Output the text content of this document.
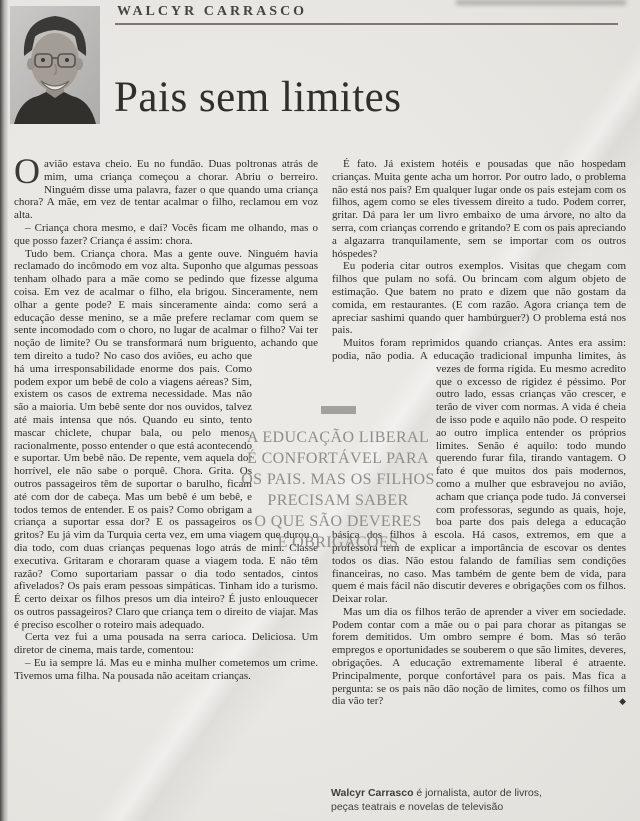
WALCYR CARRASCO
Pais sem limites

Oavião estava cheio. Eu no fundão. Duas poltronas atrás de mim, uma criança começou a chorar. Abriu o berreiro. Ninguém disse uma palavra, fazer o que quando uma criança chora? A mãe, em vez de tentar acalmar o filho, reclamou em voz alta.

– Criança chora mesmo, e daí? Vocês ficam me olhando, mas o que posso fazer? Criança é assim: chora.

Tudo bem. Criança chora. Mas a gente ouve. Ninguém havia reclamado do incômodo em voz alta. Suponho que algumas pessoas tenham olhado para a mãe como se pedindo que fizesse alguma coisa. Em vez de acalmar o filho, ela brigou. Sinceramente, nem olhar a gente pode? E mais sinceramente ainda: como será a educação desse menino, se a mãe prefere reclamar com quem se sente incomodado com o choro, no lugar de acalmar o filho? Vai ter noção de limite? Ou se transformará num briguento, achando que tem direito a tudo? No caso dos aviões, eu acho que há uma irresponsabilidade enorme dos pais. Como podem expor um bebê de colo a viagens aéreas? Sim, existem os casos de extrema necessidade. Mas não são a maioria. Um bebê sente dor nos ouvidos, talvez até mais intensa que nós. Quando eu sinto, tento mascar chiclete, chupar bala, ou pelo menos, racionalmente, posso entender o que está acontecendo e suportar. Um bebê não. De repente, vem aquela dor horrível, ele não sabe o porquê. Chora. Grita. Os outros passageiros têm de suportar o barulho, ficam até com dor de cabeça. Mas um bebê é um bebê, e todos temos de entender. E os pais? Como obrigam a criança a suportar essa dor? E os passageiros os gritos? Eu já vim da Turquia certa vez, em uma viagem que durou o dia todo, com duas crianças pequenas logo atrás de mim. Classe executiva. Gritaram e choraram quase a viagem toda. E não têm razão? Como suportariam passar o dia todo sentados, cintos afivelados? Os pais eram pessoas simpáticas. Tinham ido a turismo. É certo deixar os filhos presos um dia inteiro? É justo enlouquecer os outros passageiros? Claro que criança tem o direito de viajar. Mas é preciso escolher o roteiro mais adequado.

Certa vez fui a uma pousada na serra carioca. Deliciosa. Um diretor de cinema, mais tarde, comentou:

– Eu ia sempre lá. Mas eu e minha mulher cometemos um crime. Tivemos uma filha. Na pousada não aceitam crianças.

É fato. Já existem hotéis e pousadas que não hospedam crianças. Muita gente acha um horror. Por outro lado, o problema não está nos pais? Em qualquer lugar onde os pais estejam com os filhos, agem como se eles tivessem direito a tudo. Podem correr, gritar. Dá para ler um livro embaixo de uma árvore, no alto da serra, com crianças correndo e gritando? E com os pais apreciando a algazarra tranquilamente, sem se importar com os outros hóspedes?

Eu poderia citar outros exemplos. Visitas que chegam com filhos que pulam no sofá. Ou brincam com algum objeto de estimação. Que batem no prato e dizem que não gostam da comida, em restaurantes. (E com razão. Agora criança tem de apreciar sashimi quando quer hambúrguer?) O problema está nos pais.

Muitos foram reprimidos quando crianças. Antes era assim: podia, não podia. A educação tradicional impunha limites, às vezes de forma rígida. Eu mesmo acredito que o excesso de rigidez é péssimo. Por outro lado, essas crianças vão crescer, e terão de viver com normas. A vida é cheia de isso pode e aquilo não pode. O respeito ao outro implica entender os próprios limites. Senão é aquilo: todo mundo querendo furar fila, tirando vantagem. O fato é que muitos dos pais modernos, como a mulher que esbravejou no avião, acham que criança pode tudo. Já conversei com professoras, segundo as quais, hoje, boa parte dos pais delega a educação básica dos filhos à escola. Há casos, extremos, em que a professora tem de explicar a importância de escovar os dentes todos os dias. Não estou falando de famílias sem condições financeiras, no caso. Mas também de gente bem de vida, para quem é mais fácil não discutir deveres e obrigações com os filhos. Deixar rolar.

Mas um dia os filhos terão de aprender a viver em sociedade. Podem contar com a mãe ou o pai para chorar as pitangas se forem demitidos. Um ombro sempre é bom. Mas só terão empregos e oportunidades se souberem o que são limites, deveres, obrigações. A educação extremamente liberal é atraente. Principalmente, porque confortável para os pais. Mas fica a pergunta: se os pais não dão noção de limites, como os filhos um dia vão ter?	◆

A EDUCAÇÃO LIBERAL
É CONFORTÁVEL PARA
OS PAIS. MAS OS FILHOS
PRECISAM SABER
O QUE SÃO DEVERES
E OBRIGAÇÕES
Walcyr Carrasco é jornalista, autor de livros,
peças teatrais e novelas de televisão
